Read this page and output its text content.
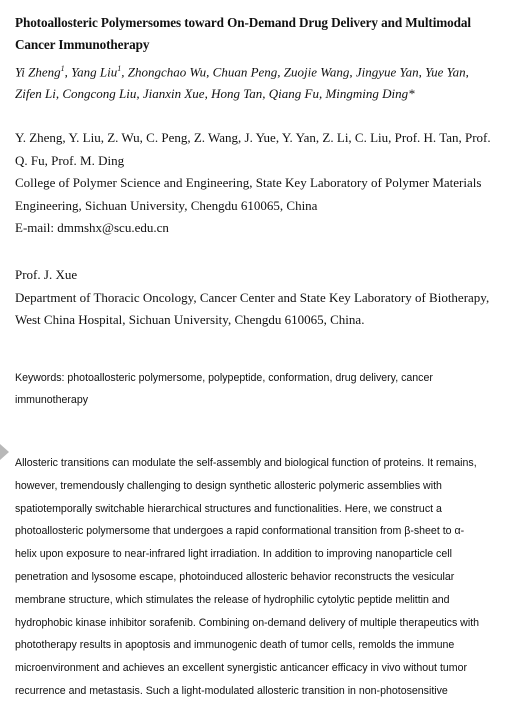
Photoallosteric Polymersomes toward On-Demand Drug Delivery and Multimodal
Cancer Immunotherapy
Yi Zheng$^1$, Yang Liu$^1$, Zhongchao Wu, Chuan Peng, Zuojie Wang, Jingyue Yan, Yue Yan,
Zifen Li, Congcong Liu, Jianxin Xue, Hong Tan, Qiang Fu, Mingming Ding*
Y. Zheng, Y. Liu, Z. Wu, C. Peng, Z. Wang, J. Yue, Y. Yan, Z. Li, C. Liu, Prof. H. Tan, Prof.
Q. Fu, Prof. M. Ding
College of Polymer Science and Engineering, State Key Laboratory of Polymer Materials
Engineering, Sichuan University, Chengdu 610065, China
E-mail: dmmshx@scu.edu.cn
Prof. J. Xue
Department of Thoracic Oncology, Cancer Center and State Key Laboratory of Biotherapy,
West China Hospital, Sichuan University, Chengdu 610065, China.
Keywords: photoallosteric polymersome, polypeptide, conformation, drug delivery, cancer
immunotherapy
Allosteric transitions can modulate the self-assembly and biological function of proteins. It remains,
however, tremendously challenging to design synthetic allosteric polymeric assemblies with
spatiotemporally switchable hierarchical structures and functionalities. Here, we construct a
photoallosteric polymersome that undergoes a rapid conformational transition from β-sheet to α-
helix upon exposure to near-infrared light irradiation. In addition to improving nanoparticle cell
penetration and lysosome escape, photoinduced allosteric behavior reconstructs the vesicular
membrane structure, which stimulates the release of hydrophilic cytolytic peptide melittin and
hydrophobic kinase inhibitor sorafenib. Combining on-demand delivery of multiple therapeutics with
phototherapy results in apoptosis and immunogenic death of tumor cells, remolds the immune
microenvironment and achieves an excellent synergistic anticancer efficacy in vivo without tumor
recurrence and metastasis. Such a light-modulated allosteric transition in non-photosensitive
